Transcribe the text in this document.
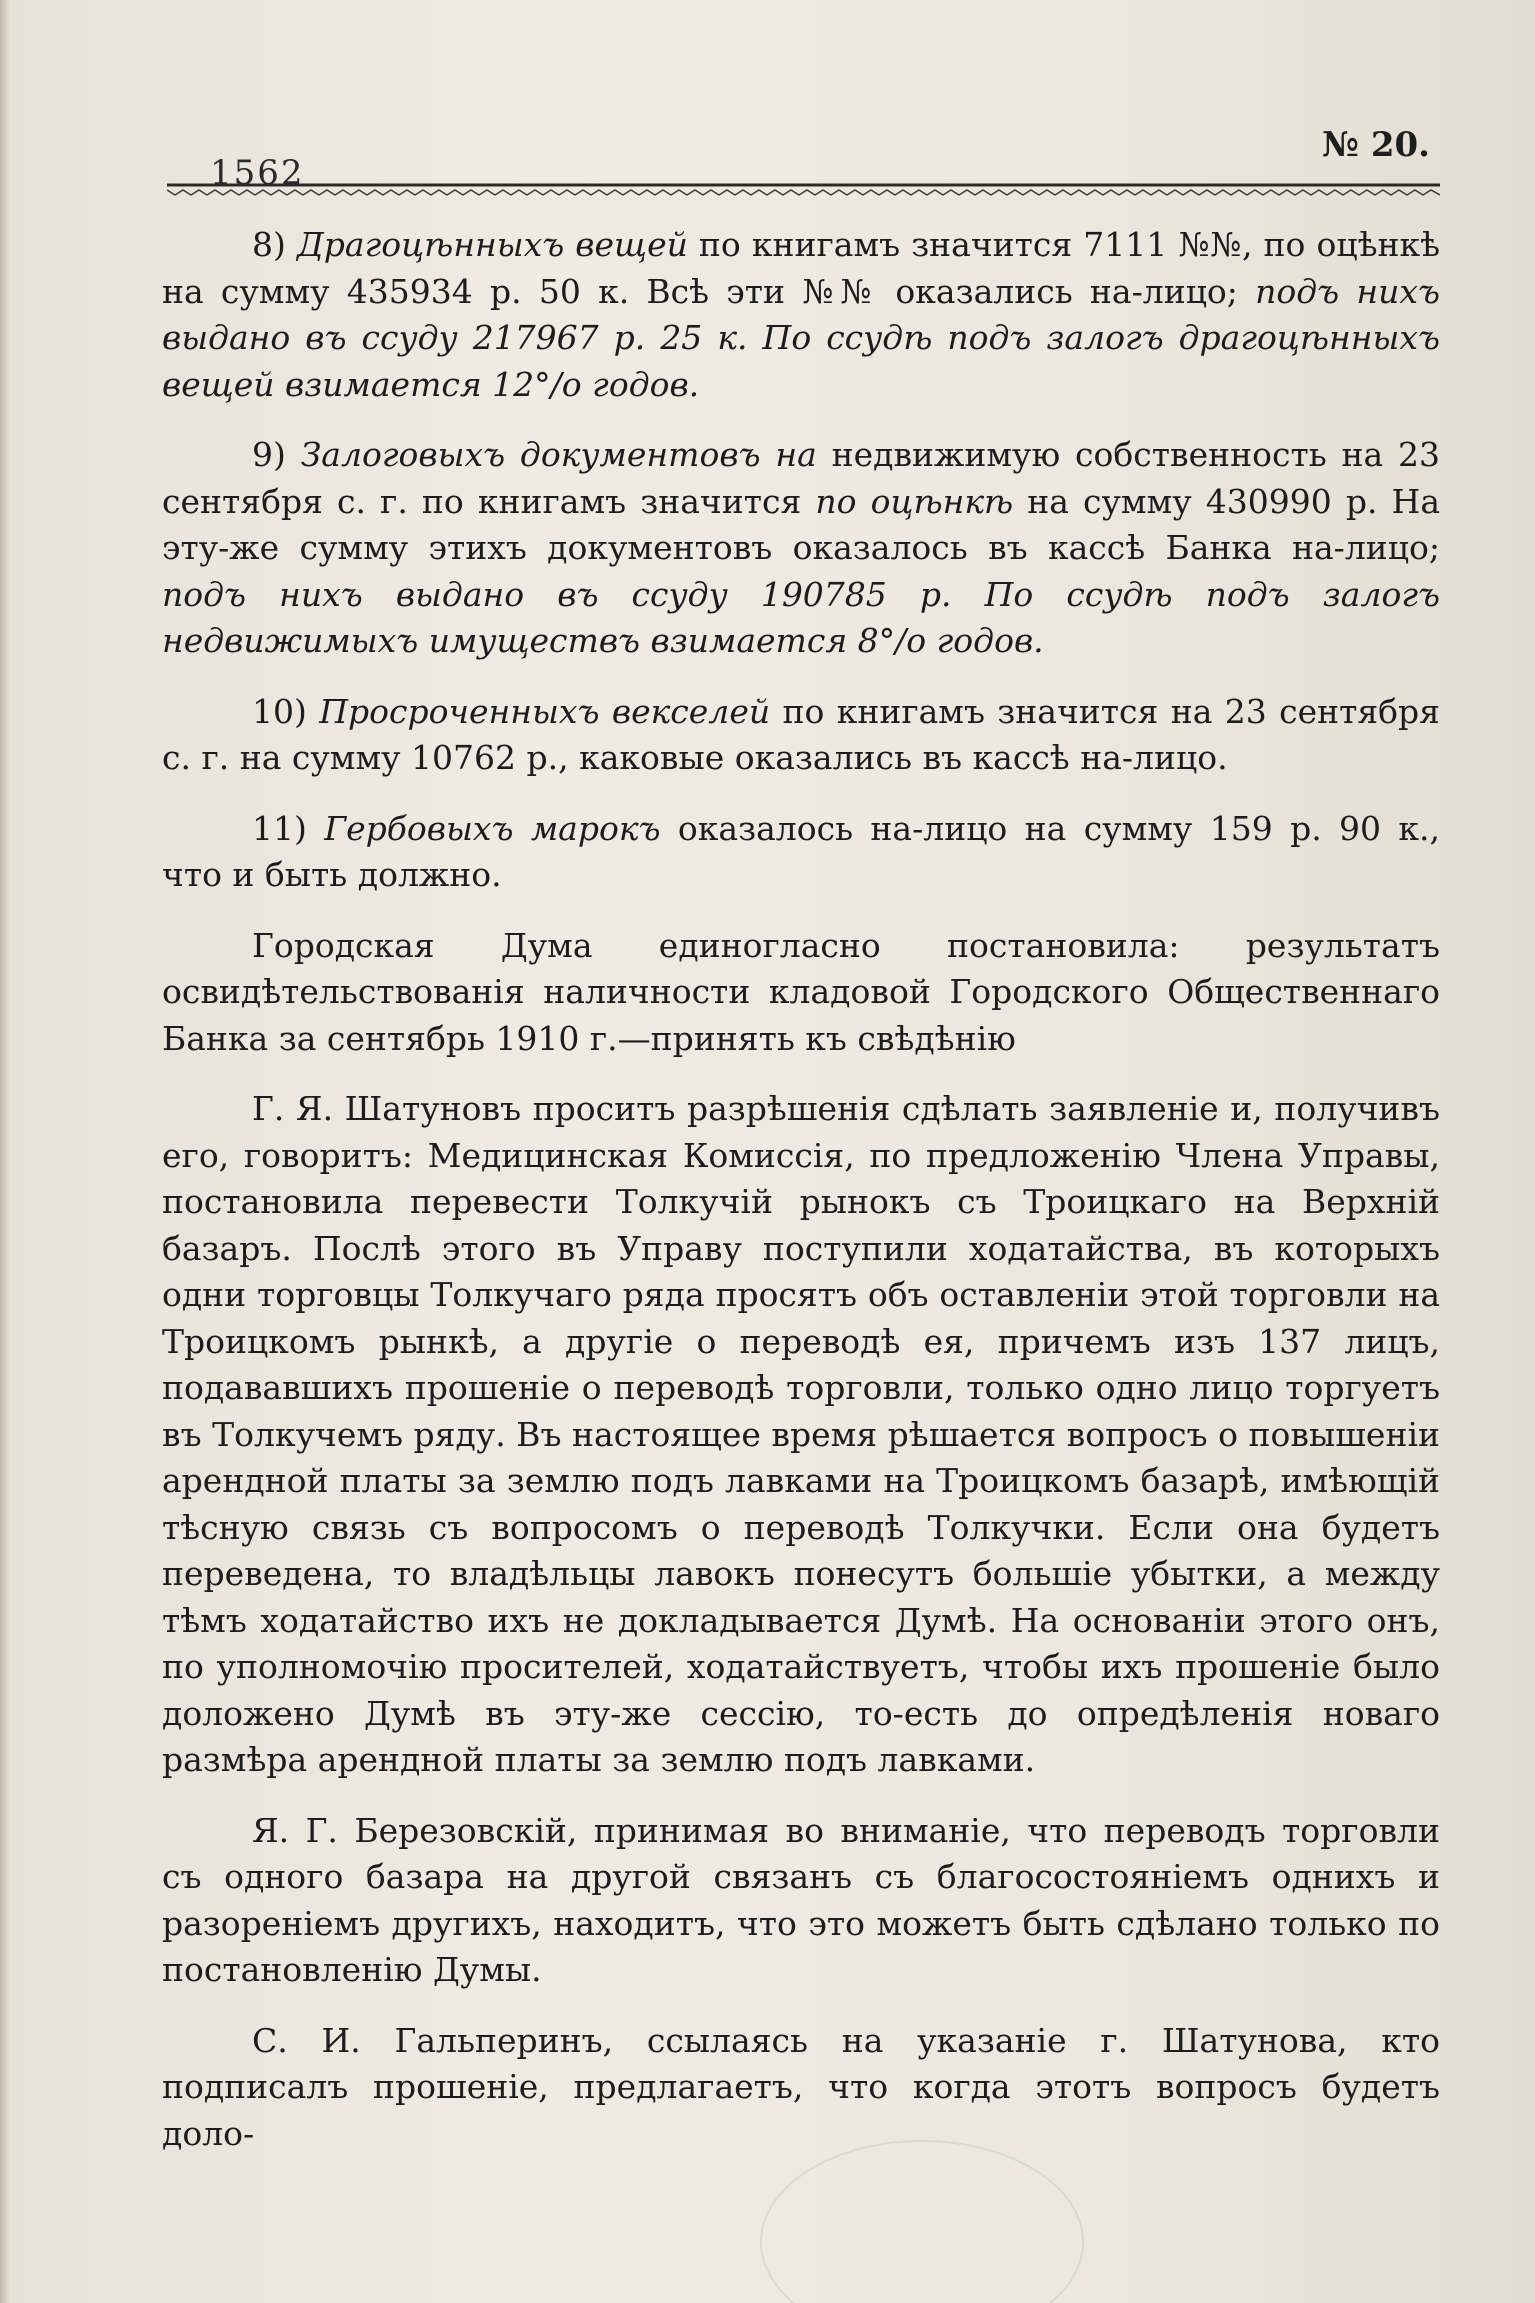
1562
№ 20.

8) Драгоцѣнныхъ вещей по книгамъ значится 7111 №№, по оцѣнкѣ на сумму 435934 р. 50 к. Всѣ эти №№ оказались на-лицо; подъ нихъ выдано въ ссуду 217967 р. 25 к. По ссудѣ подъ залогъ драгоцѣнныхъ вещей взимается 12°/о годов.

9) Залоговыхъ документовъ на недвижимую собственность на 23 сентября с. г. по книгамъ значится по оцѣнкѣ на сумму 430990 р. На эту-же сумму этихъ документовъ оказалось въ кассѣ Банка на-лицо; подъ нихъ выдано въ ссуду 190785 р. По ссудѣ подъ залогъ недвижимыхъ имуществъ взимается 8°/о годов.

10) Просроченныхъ векселей по книгамъ значится на 23 сентября с. г. на сумму 10762 р., каковые оказались въ кассѣ на-лицо.

11) Гербовыхъ марокъ оказалось на-лицо на сумму 159 р. 90 к., что и быть должно.

Городская Дума единогласно постановила: результатъ освидѣтельствованія наличности кладовой Городского Общественнаго Банка за сентябрь 1910 г.—принять къ свѣдѣнію

Г. Я. Шатуновъ проситъ разрѣшенія сдѣлать заявленіе и, получивъ его, говоритъ: Медицинская Комиссія, по предложенію Члена Управы, постановила перевести Толкучій рынокъ съ Троицкаго на Верхній базаръ. Послѣ этого въ Управу поступили ходатайства, въ которыхъ одни торговцы Толкучаго ряда просятъ объ оставленіи этой торговли на Троицкомъ рынкѣ, а другіе о переводѣ ея, причемъ изъ 137 лицъ, подававшихъ прошеніе о переводѣ торговли, только одно лицо торгуетъ въ Толкучемъ ряду. Въ настоящее время рѣшается вопросъ о повышеніи арендной платы за землю подъ лавками на Троицкомъ базарѣ, имѣющій тѣсную связь съ вопросомъ о переводѣ Толкучки. Если она будетъ переведена, то владѣльцы лавокъ понесутъ большіе убытки, а между тѣмъ ходатайство ихъ не докладывается Думѣ. На основаніи этого онъ, по уполномочію просителей, ходатайствуетъ, чтобы ихъ прошеніе было доложено Думѣ въ эту-же сессію, то-есть до опредѣленія новаго размѣра арендной платы за землю подъ лавками.

Я. Г. Березовскій, принимая во вниманіе, что переводъ торговли съ одного базара на другой связанъ съ благосостояніемъ однихъ и разореніемъ другихъ, находитъ, что это можетъ быть сдѣлано только по постановленію Думы.

С. И. Гальперинъ, ссылаясь на указаніе г. Шатунова, кто подписалъ прошеніе, предлагаетъ, что когда этотъ вопросъ будетъ доло-
